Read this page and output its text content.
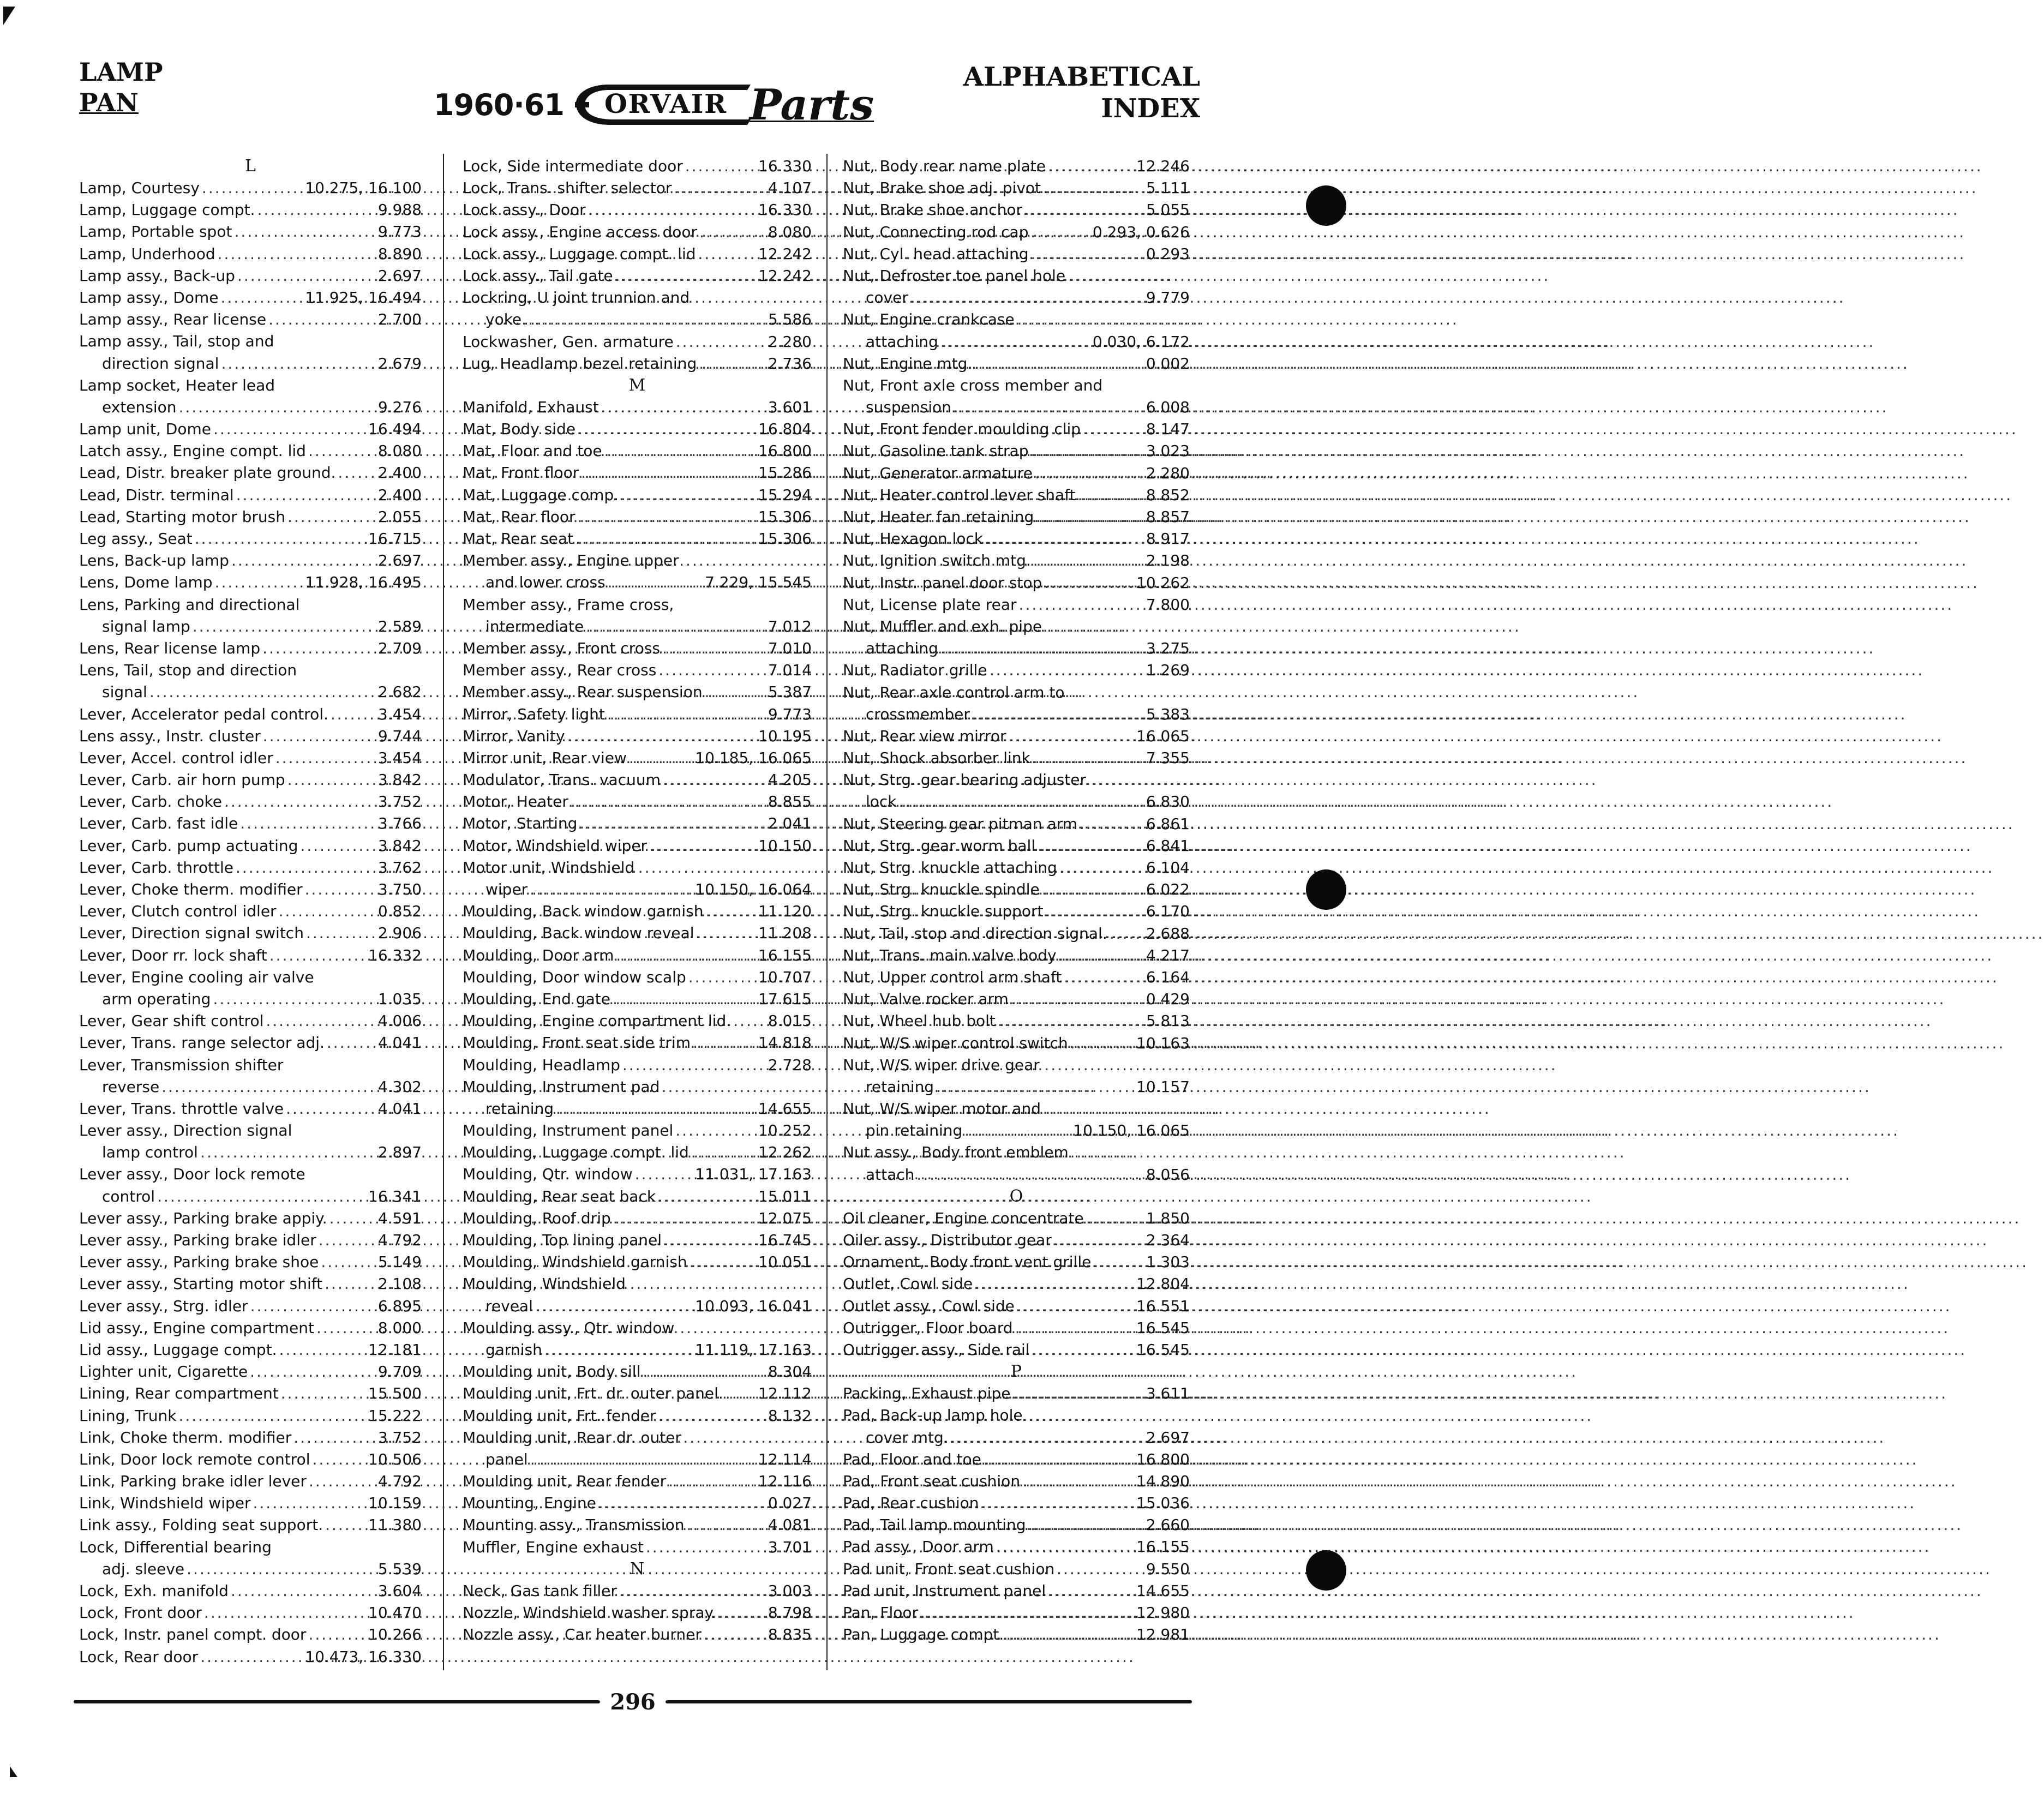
LAMP
PAN	1960·61 ORVAIR Parts
ALPHABETICAL
INDEX
L
Lamp, Courtesy .....	10.275, 16.100
Lamp, Luggage compt. .....	9.988
Lamp, Portable spot .....	9.773
Lamp, Underhood .....	8.890
Lamp assy., Back-up .....	2.697
Lamp assy., Dome .....	11.925, 16.494
Lamp assy., Rear license .....	2.700
Lamp assy., Tail, stop and
direction signal .....	2.679
Lamp socket, Heater lead
extension .....	9.276
Lamp unit, Dome .....	16.494
Latch assy., Engine compt. lid .....	8.080
Lead, Distr. breaker plate ground. .....	2.400
Lead, Distr. terminal .....	2.400
Lead, Starting motor brush .....	2.055
Leg assy., Seat .....	16.715
Lens, Back-up lamp .....	2.697
Lens, Dome lamp .....	11.928, 16.495
Lens, Parking and directional
signal lamp .....	2.589
Lens, Rear license lamp .....	2.709
Lens, Tail, stop and direction
signal .....	2.682
Lever, Accelerator pedal control. .....	3.454
Lens assy., Instr. cluster .....	9.744
Lever, Accel. control idler .....	3.454
Lever, Carb. air horn pump .....	3.842
Lever, Carb. choke .....	3.752
Lever, Carb. fast idle .....	3.766
Lever, Carb. pump actuating .....	3.842
Lever, Carb. throttle .....	3.762
Lever, Choke therm. modifier .....	3.750
Lever, Clutch control idler .....	0.852
Lever, Direction signal switch .....	2.906
Lever, Door rr. lock shaft .....	16.332
Lever, Engine cooling air valve
arm operating .....	1.035
Lever, Gear shift control .....	4.006
Lever, Trans. range selector adj. .....	4.041
Lever, Transmission shifter
reverse .....	4.302
Lever, Trans. throttle valve .....	4.041
Lever assy., Direction signal
lamp control .....	2.897
Lever assy., Door lock remote
control .....	16.341
Lever assy., Parking brake appiy. .....	4.591
Lever assy., Parking brake idler .....	4.792
Lever assy., Parking brake shoe .....	5.149
Lever assy., Starting motor shift .....	2.108
Lever assy., Strg. idler .....	6.895
Lid assy., Engine compartment .....	8.000
Lid assy., Luggage compt. .....	12.181
Lighter unit, Cigarette .....	9.709
Lining, Rear compartment .....	15.500
Lining, Trunk .....	15.222
Link, Choke therm. modifier .....	3.752
Link, Door lock remote control .....	10.506
Link, Parking brake idler lever .....	4.792
Link, Windshield wiper .....	10.159
Link assy., Folding seat support. .....	11.380
Lock, Differential bearing
adj. sleeve .....	5.539
Lock, Exh. manifold .....	3.604
Lock, Front door .....	10.470
Lock, Instr. panel compt. door .....	10.266
Lock, Rear door .....	10.473, 16.330
Lock, Side intermediate door .....	16.330
Lock, Trans. shifter selector .....	4.107
Lock assy., Door .....	16.330
Lock assy., Engine access door .....	8.080
Lock assy., Luggage compt. lid .....	12.242
Lock assy., Tail gate .....	12.242
Lockring, U joint trunnion and
yoke .....	5.586
Lockwasher, Gen. armature .....	2.280
Lug, Headlamp bezel retaining .....	2.736
M
Manifold, Exhaust .....	3.601
Mat, Body side .....	16.804
Mat, Floor and toe .....	16.800
Mat, Front floor .....	15.286
Mat, Luggage comp. .....	15.294
Mat, Rear floor .....	15.306
Mat, Rear seat .....	15.306
Member assy., Engine upper
and lower cross .....	7.229, 15.545
Member assy., Frame cross,
intermediate .....	7.012
Member assy., Front cross .....	7.010
Member assy., Rear cross .....	7.014
Member assy., Rear suspension .....	5.387
Mirror, Safety light .....	9.773
Mirror, Vanity .....	10.195
Mirror unit, Rear view .....	10.185, 16.065
Modulator, Trans. vacuum .....	4.205
Motor, Heater .....	8.855
Motor, Starting .....	2.041
Motor, Windshield wiper .....	10.150
Motor unit, Windshield
wiper .....	10.150, 16.064
Moulding, Back window garnish .....	11.120
Moulding, Back window reveal .....	11.208
Moulding, Door arm .....	16.155
Moulding, Door window scalp .....	10.707
Moulding, End gate .....	17.615
Moulding, Engine compartment lid. ..... 8.015
Moulding, Front seat side trim .....	14.818
Moulding, Headlamp .....	2.728
Moulding, Instrument pad
retaining .....	14.655
Moulding, Instrument panel .....	10.252
Moulding, Luggage compt. lid .....	12.262
Moulding, Qtr. window .....	11.031, 17.163
Moulding, Rear seat back .....	15.011
Moulding, Roof drip .....	12.075
Moulding, Top lining panel .....	16.745
Moulding, Windshield garnish .....	10.051
Moulding, Windshield
reveal .....	10.093, 16.041
Moulding assy., Qtr. window
garnish .....	11.119, 17.163
Moulding unit, Body sill .....	8.304
Moulding unit, Frt. dr. outer panel. ..... 12.112
Moulding unit, Frt. fender .....	8.132
Moulding unit, Rear dr. outer
panel .....	12.114
Moulding unit, Rear fender .....	12.116
Mounting, Engine .....	0.027
Mounting assy., Transmission .....	4.081
Muffler, Engine exhaust .....	3.701
N
Neck, Gas tank filler .....	3.003
Nozzle, Windshield washer spray. .....	8.798
Nozzle assy., Car heater burner .....	8.835
Nut, Body rear name plate .....	12.246
Nut, Brake shoe adj. pivot .....	5.111
Nut, Brake shoe anchor .....	5.055
Nut, Connecting rod cap .....	0.293, 0.626
Nut, Cyl. head attaching .....	0.293
Nut, Defroster toe panel hole
cover .....	9.779
Nut, Engine crankcase
attaching .....	0.030, 6.172
Nut, Engine mtg. .....	0.002
Nut, Front axle cross member and
suspension .....	6.008
Nut, Front fender moulding clip .....	8.147
Nut, Gasoline tank strap .....	3.023
Nut, Generator armature .....	2.280
Nut, Heater control lever shaft .....	8.852
Nut, Heater fan retaining .....	8.857
Nut, Hexagon lock .....	8.917
Nut, Ignition switch mtg. .....	2.198
Nut, Instr. panel door stop .....	10.262
Nut, License plate rear .....	7.800
Nut, Muffler and exh. pipe
attaching .....	3.275
Nut, Radiator grille .....	1.269
Nut, Rear axle control arm to
crossmember .....	5.383
Nut, Rear view mirror .....	16.065
Nut, Shock absorber link .....	7.355
Nut, Strg. gear bearing adjuster
lock .....	6.830
Nut, Steering gear pitman arm .....	6.861
Nut, Strg. gear worm ball .....	6.841
Nut, Strg. knuckle attaching .....	6.104
Nut, Strg. knuckle spindle .....	6.022
Nut, Strg. knuckle support .....	6.170
Nut, Tail, stop and direction signal. .....	2.688
Nut, Trans. main valve body .....	4.217
Nut, Upper control arm shaft .....	6.164
Nut, Valve rocker arm .....	0.429
Nut, Wheel hub bolt .....	5.813
Nut, W/S wiper control switch .....	10.163
Nut, W/S wiper drive gear
retaining .....	10.157
Nut, W/S wiper motor and
pin retaining .....	10.150, 16.065
Nut assy., Body front emblem
attach .....	8.056
O
Oil cleaner, Engine concentrate .....	1.850
Oiler assy., Distributor gear .....	2.364
Ornament, Body front vent grille .....	1.303
Outlet, Cowl side .....	12.804
Outlet assy., Cowl side .....	16.551
Outrigger, Floor board .....	16.545
Outrigger assy., Side rail .....	16.545
P
Packing, Exhaust pipe .....	3.611
Pad, Back-up lamp hole
cover mtg. .....	2.697
Pad, Floor and toe .....	16.800
Pad, Front seat cushion .....	14.890
Pad, Rear cushion .....	15.036
Pad, Tail lamp mounting .....	2.660
Pad assy., Door arm .....	16.155
Pad unit, Front seat cushion .....	9.550
Pad unit, Instrument panel .....	14.655
Pan, Floor .....	12.980
Pan, Luggage compt. .....	12.981
296
